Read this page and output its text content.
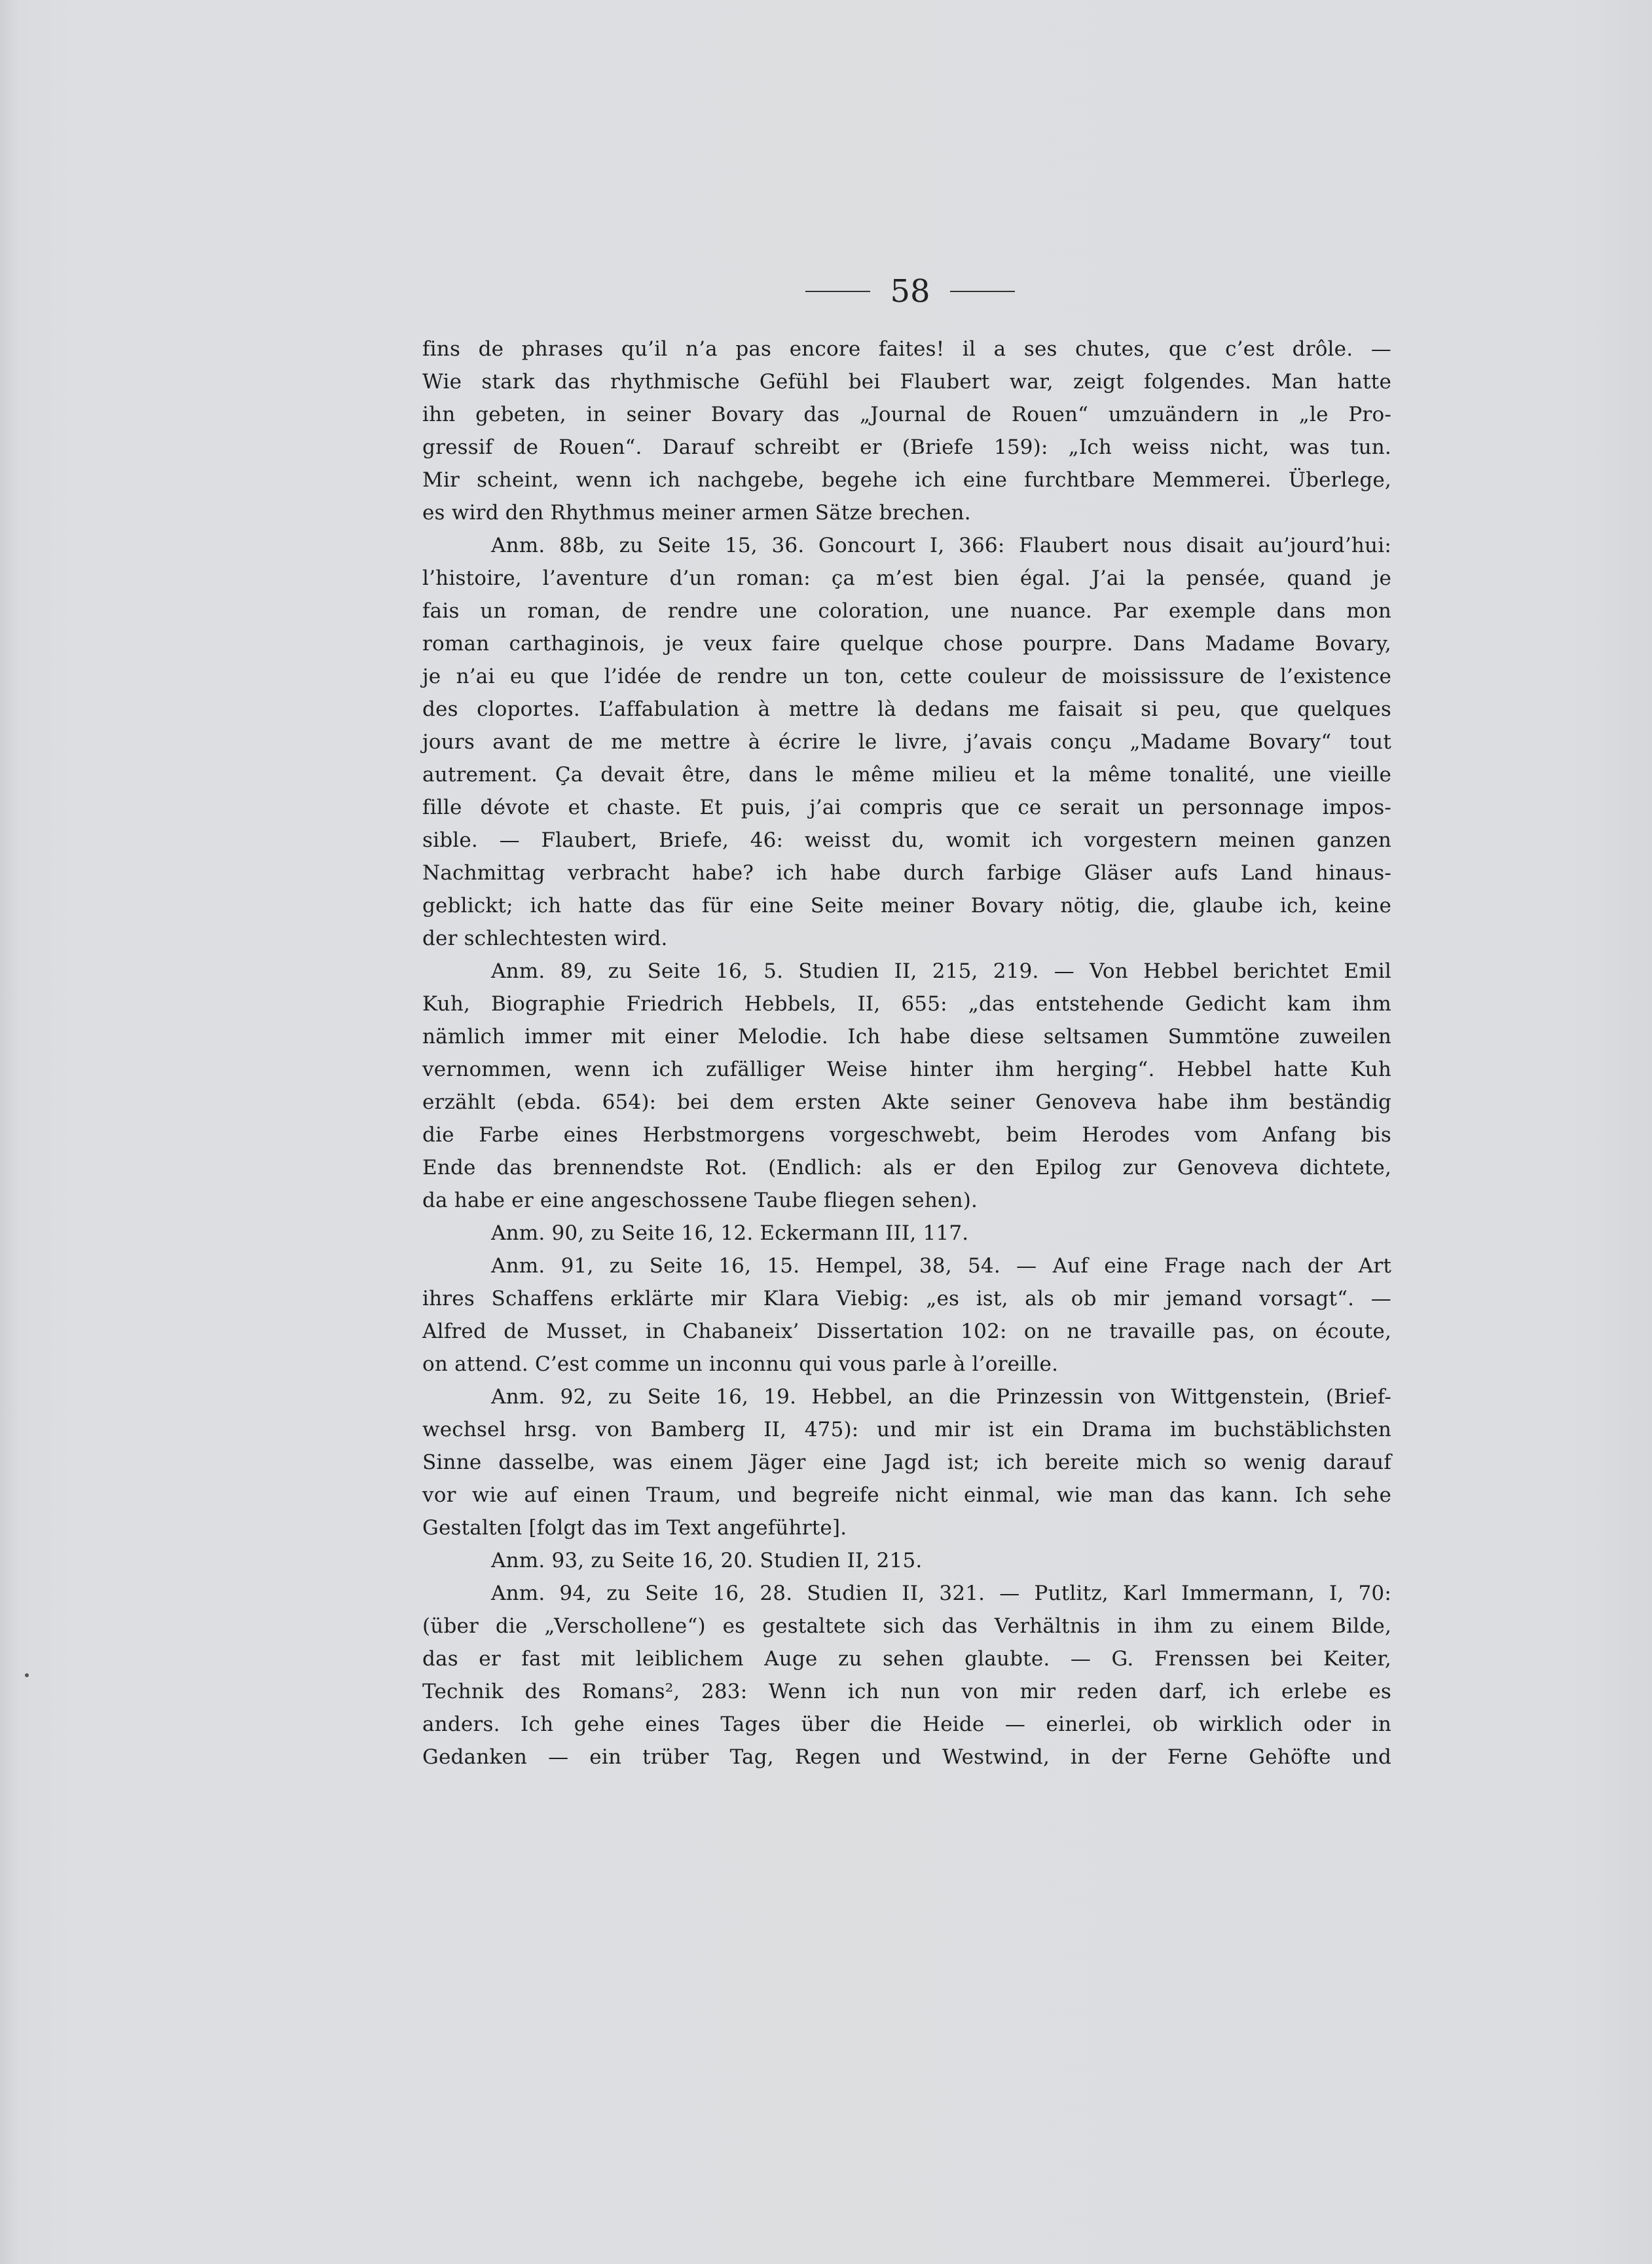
58
fins de phrases qu’il n’a pas encore faites! il a ses chutes, que c’est drôle. —
Wie stark das rhythmische Gefühl bei Flaubert war, zeigt folgendes. Man hatte
ihn gebeten, in seiner Bovary das „Journal de Rouen“ umzuändern in „le Pro-
gressif de Rouen“. Darauf schreibt er (Briefe 159): „Ich weiss nicht, was tun.
Mir scheint, wenn ich nachgebe, begehe ich eine furchtbare Memmerei. Überlege,
es wird den Rhythmus meiner armen Sätze brechen.
Anm. 88b, zu Seite 15, 36. Goncourt I, 366: Flaubert nous disait au’jourd’hui:
l’histoire, l’aventure d’un roman: ça m’est bien égal. J’ai la pensée, quand je
fais un roman, de rendre une coloration, une nuance. Par exemple dans mon
roman carthaginois, je veux faire quelque chose pourpre. Dans Madame Bovary,
je n’ai eu que l’idée de rendre un ton, cette couleur de moississure de l’existence
des cloportes. L’affabulation à mettre là dedans me faisait si peu, que quelques
jours avant de me mettre à écrire le livre, j’avais conçu „Madame Bovary“ tout
autrement. Ça devait être, dans le même milieu et la même tonalité, une vieille
fille dévote et chaste. Et puis, j’ai compris que ce serait un personnage impos-
sible. — Flaubert, Briefe, 46: weisst du, womit ich vorgestern meinen ganzen
Nachmittag verbracht habe? ich habe durch farbige Gläser aufs Land hinaus-
geblickt; ich hatte das für eine Seite meiner Bovary nötig, die, glaube ich, keine
der schlechtesten wird.
Anm. 89, zu Seite 16, 5. Studien II, 215, 219. — Von Hebbel berichtet Emil
Kuh, Biographie Friedrich Hebbels, II, 655: „das entstehende Gedicht kam ihm
nämlich immer mit einer Melodie. Ich habe diese seltsamen Summtöne zuweilen
vernommen, wenn ich zufälliger Weise hinter ihm herging“. Hebbel hatte Kuh
erzählt (ebda. 654): bei dem ersten Akte seiner Genoveva habe ihm beständig
die Farbe eines Herbstmorgens vorgeschwebt, beim Herodes vom Anfang bis
Ende das brennendste Rot. (Endlich: als er den Epilog zur Genoveva dichtete,
da habe er eine angeschossene Taube fliegen sehen).
Anm. 90, zu Seite 16, 12. Eckermann III, 117.
Anm. 91, zu Seite 16, 15. Hempel, 38, 54. — Auf eine Frage nach der Art
ihres Schaffens erklärte mir Klara Viebig: „es ist, als ob mir jemand vorsagt“. —
Alfred de Musset, in Chabaneix’ Dissertation 102: on ne travaille pas, on écoute,
on attend. C’est comme un inconnu qui vous parle à l’oreille.
Anm. 92, zu Seite 16, 19. Hebbel, an die Prinzessin von Wittgenstein, (Brief-
wechsel hrsg. von Bamberg II, 475): und mir ist ein Drama im buchstäblichsten
Sinne dasselbe, was einem Jäger eine Jagd ist; ich bereite mich so wenig darauf
vor wie auf einen Traum, und begreife nicht einmal, wie man das kann. Ich sehe
Gestalten [folgt das im Text angeführte].
Anm. 93, zu Seite 16, 20. Studien II, 215.
Anm. 94, zu Seite 16, 28. Studien II, 321. — Putlitz, Karl Immermann, I, 70:
(über die „Verschollene“) es gestaltete sich das Verhältnis in ihm zu einem Bilde,
das er fast mit leiblichem Auge zu sehen glaubte. — G. Frenssen bei Keiter,
Technik des Romans², 283: Wenn ich nun von mir reden darf, ich erlebe es
anders. Ich gehe eines Tages über die Heide — einerlei, ob wirklich oder in
Gedanken — ein trüber Tag, Regen und Westwind, in der Ferne Gehöfte und
